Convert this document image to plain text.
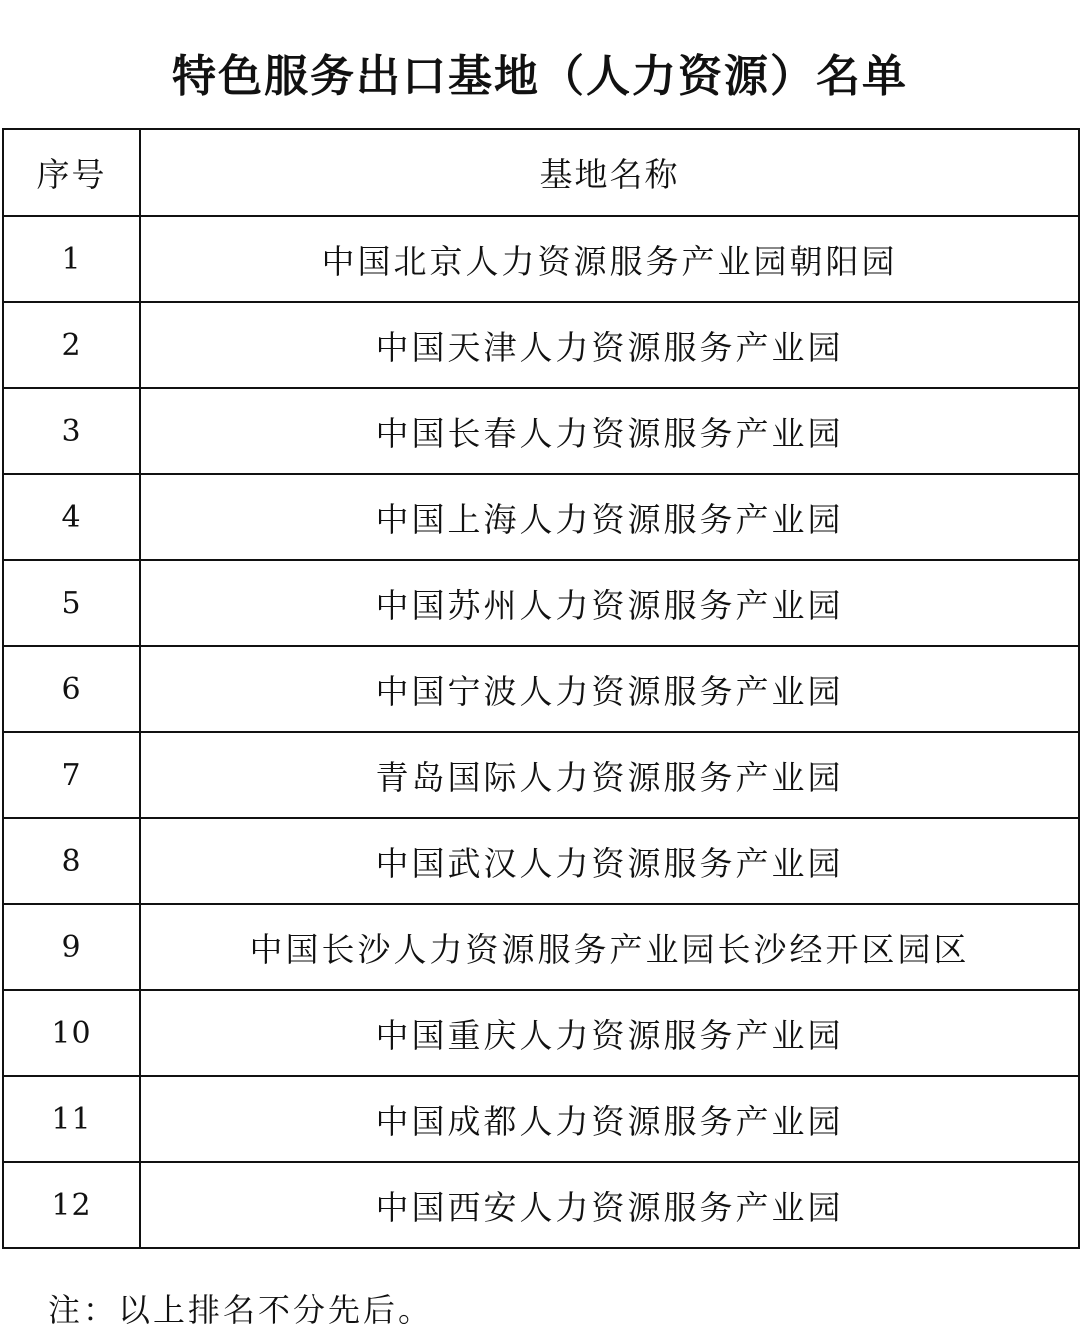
特色服务出口基地（人力资源）名单
序号	基地名称
1	中国北京人力资源服务产业园朝阳园
2	中国天津人力资源服务产业园
3	中国长春人力资源服务产业园
4	中国上海人力资源服务产业园
5	中国苏州人力资源服务产业园
6	中国宁波人力资源服务产业园
7	青岛国际人力资源服务产业园
8	中国武汉人力资源服务产业园
9	中国长沙人力资源服务产业园长沙经开区园区
10	中国重庆人力资源服务产业园
11	中国成都人力资源服务产业园
12	中国西安人力资源服务产业园
注：以上排名不分先后。
